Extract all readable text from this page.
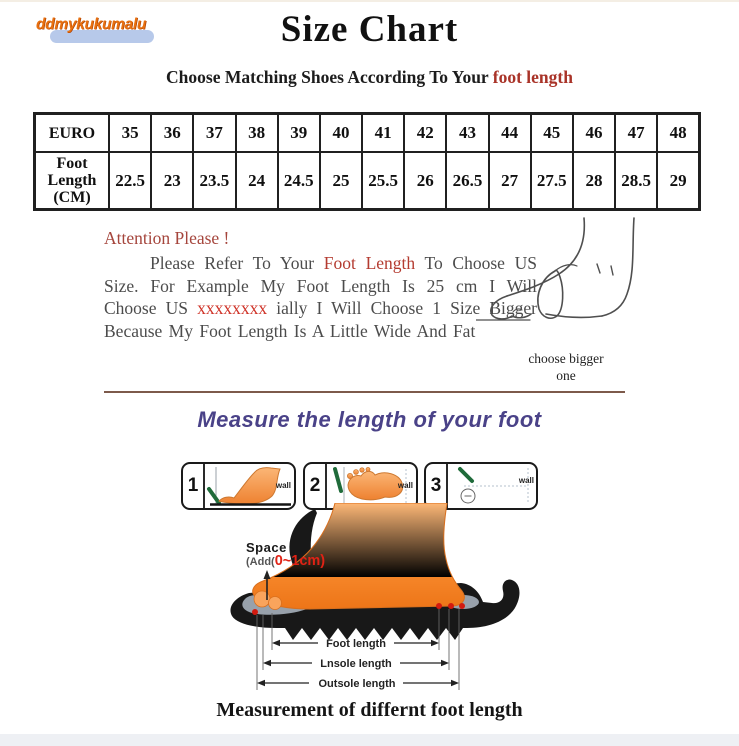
ddmykukumalu	Size Chart
Choose Matching Shoes According To Your foot length
EURO	35	36	37	38	39	40	41	42	43	44	45	46	47	48
Foot Length (CM)	22.5	23	23.5	24	24.5	25	25.5	26	26.5	27	27.5	28	28.5	29

Attention Please !

Please Refer To Your Foot Length To Choose US Size. For Example My Foot Length Is 25 cm I Will Choose US xxxxxxxx ially I Will Choose 1 Size Bigger Because My Foot Length Is A Little Wide And Fat

choose bigger one
Measure the length of your foot
1	wall 2	wall 3	wall
Foot length
Lnsole length
Outsole length
Space
(Add(0~1cm)
Measurement of differnt foot length
